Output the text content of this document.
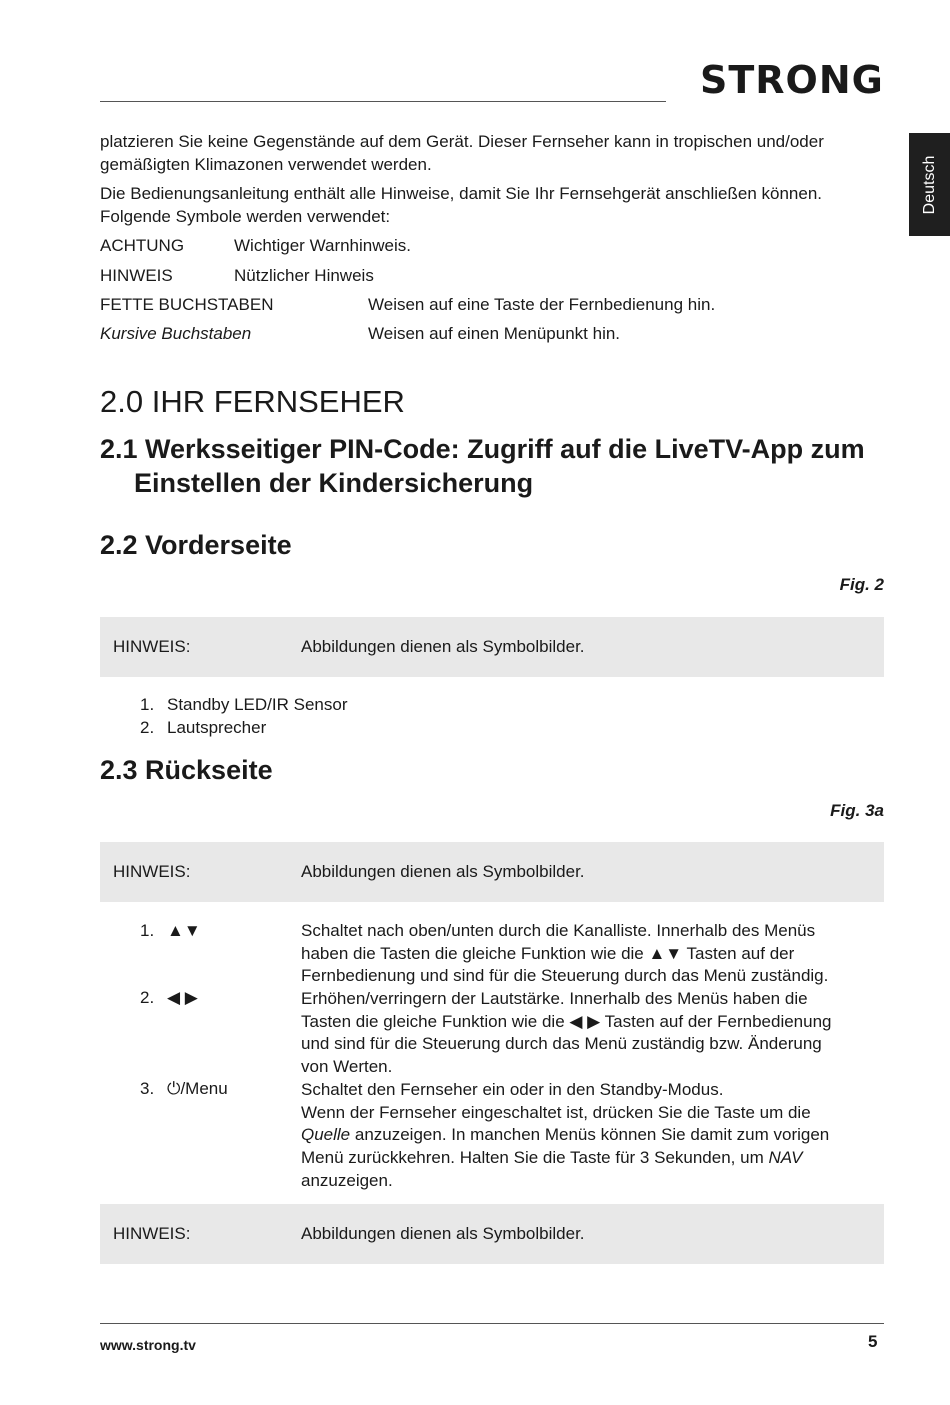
STRONG
Deutsch
platzieren Sie keine Gegenstände auf dem Gerät. Dieser Fernseher kann in tropischen und/oder gemäßigten Klimazonen verwendet werden.
Die Bedienungsanleitung enthält alle Hinweise, damit Sie Ihr Fernsehgerät anschließen können. Folgende Symbole werden verwendet:
ACHTUNG	Wichtiger Warnhinweis.
HINWEIS	Nützlicher Hinweis
FETTE BUCHSTABEN	Weisen auf eine Taste der Fernbedienung hin.
Kursive Buchstaben	Weisen auf einen Menüpunkt hin.
2.0 IHR FERNSEHER
2.1 Werksseitiger PIN-Code: Zugriff auf die LiveTV-App zum
Einstellen der Kindersicherung
2.2 Vorderseite
Fig. 2
HINWEIS:	Abbildungen dienen als Symbolbilder.
1. Standby LED/IR Sensor
2. Lautsprecher
2.3 Rückseite
Fig. 3a
HINWEIS:	Abbildungen dienen als Symbolbilder.
1. ▲▼	Schaltet nach oben/unten durch die Kanalliste. Innerhalb des Menüs
haben die Tasten die gleiche Funktion wie die ▲▼ Tasten auf der
Fernbedienung und sind für die Steuerung durch das Menü zuständig.
2. ◀ ▶	Erhöhen/verringern der Lautstärke. Innerhalb des Menüs haben die
Tasten die gleiche Funktion wie die ◀ ▶ Tasten auf der Fernbedienung
und sind für die Steuerung durch das Menü zuständig bzw. Änderung
von Werten.
3. ⏻/Menu	Schaltet den Fernseher ein oder in den Standby-Modus.
Wenn der Fernseher eingeschaltet ist, drücken Sie die Taste um die
Quelle anzuzeigen. In manchen Menüs können Sie damit zum vorigen
Menü zurückkehren. Halten Sie die Taste für 3 Sekunden, um NAV
anzuzeigen.
HINWEIS:	Abbildungen dienen als Symbolbilder.
www.strong.tv	5
